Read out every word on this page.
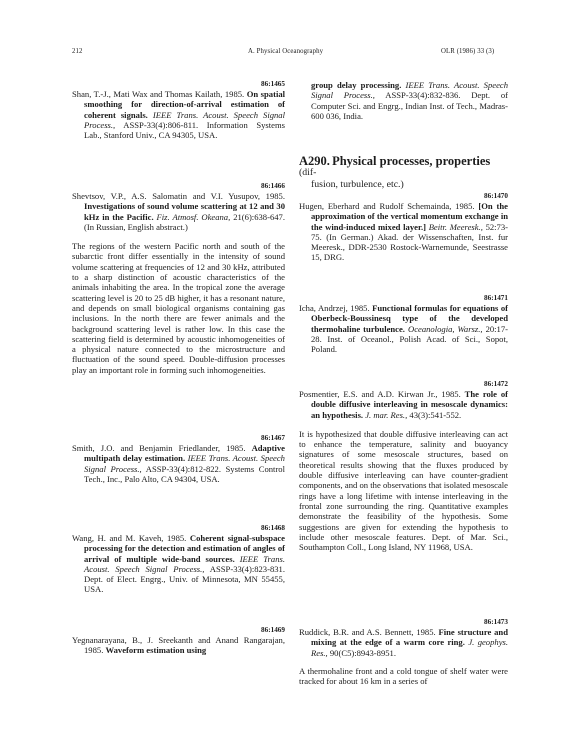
212	A. Physical Oceanography	OLR (1986) 33 (3)
86:1465
Shan, T.-J., Mati Wax and Thomas Kailath, 1985. On spatial smoothing for direction-of-arrival estimation of coherent signals. IEEE Trans. Acoust. Speech Signal Process., ASSP-33(4):806-811. Information Systems Lab., Stanford Univ., CA 94305, USA.
86:1466
Shevtsov, V.P., A.S. Salomatin and V.I. Yusupov, 1985. Investigations of sound volume scattering at 12 and 30 kHz in the Pacific. Fiz. Atmosf. Okeana, 21(6):638-647. (In Russian, English abstract.)
The regions of the western Pacific north and south of the subarctic front differ essentially in the intensity of sound volume scattering at frequencies of 12 and 30 kHz, attributed to a sharp distinction of acoustic characteristics of the animals inhabiting the area. In the tropical zone the average scattering level is 20 to 25 dB higher, it has a resonant nature, and depends on small biological organisms containing gas inclusions. In the north there are fewer animals and the background scattering level is rather low. In this case the scattering field is determined by acoustic inhomogeneities of a physical nature connected to the microstructure and fluctuation of the sound speed. Double-diffusion processes play an important role in forming such inhomogeneities.
86:1467
Smith, J.O. and Benjamin Friedlander, 1985. Adaptive multipath delay estimation. IEEE Trans. Acoust. Speech Signal Process., ASSP-33(4):812-822. Systems Control Tech., Inc., Palo Alto, CA 94304, USA.
86:1468
Wang, H. and M. Kaveh, 1985. Coherent signal-subspace processing for the detection and estimation of angles of arrival of multiple wide-band sources. IEEE Trans. Acoust. Speech Signal Process., ASSP-33(4):823-831. Dept. of Elect. Engrg., Univ. of Minnesota, MN 55455, USA.
86:1469
Yegnanarayana, B., J. Sreekanth and Anand Rangarajan, 1985. Waveform estimation using
group delay processing. IEEE Trans. Acoust. Speech Signal Process., ASSP-33(4):832-836. Dept. of Computer Sci. and Engrg., Indian Inst. of Tech., Madras-600 036, India.
A290. Physical processes, properties (dif-
fusion, turbulence, etc.)
86:1470
Hugen, Eberhard and Rudolf Schemainda, 1985. [On the approximation of the vertical momentum exchange in the wind-induced mixed layer.] Beitr. Meeresk., 52:73-75. (In German.) Akad. der Wissenschaften, Inst. fur Meeresk., DDR-2530 Rostock-Warnemunde, Seestrasse 15, DRG.
86:1471
Icha, Andrzej, 1985. Functional formulas for equations of Oberbeck-Boussinesq type of the developed thermohaline turbulence. Oceanologia, Warsz., 20:17-28. Inst. of Oceanol., Polish Acad. of Sci., Sopot, Poland.
86:1472
Posmentier, E.S. and A.D. Kirwan Jr., 1985. The role of double diffusive interleaving in mesoscale dynamics: an hypothesis. J. mar. Res., 43(3):541-552.
It is hypothesized that double diffusive interleaving can act to enhance the temperature, salinity and buoyancy signatures of some mesoscale structures, based on theoretical results showing that the fluxes produced by double diffusive interleaving can have counter-gradient components, and on the observations that isolated mesoscale rings have a long lifetime with intense interleaving in the frontal zone surrounding the ring. Quantitative examples demonstrate the feasibility of the hypothesis. Some suggestions are given for extending the hypothesis to include other mesoscale features. Dept. of Mar. Sci., Southampton Coll., Long Island, NY 11968, USA.
86:1473
Ruddick, B.R. and A.S. Bennett, 1985. Fine structure and mixing at the edge of a warm core ring. J. geophys. Res., 90(C5):8943-8951.
A thermohaline front and a cold tongue of shelf water were tracked for about 16 km in a series of
